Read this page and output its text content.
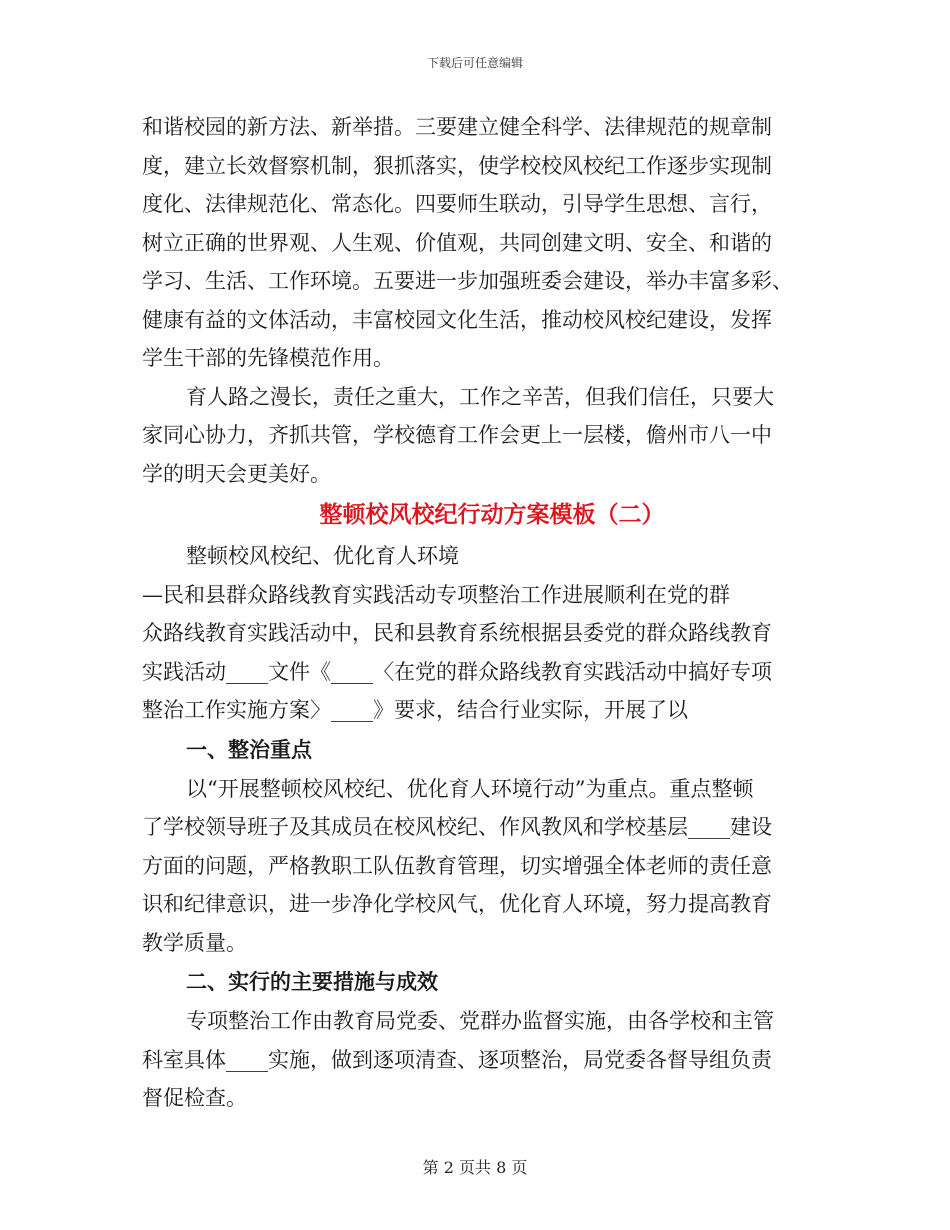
下载后可任意编辑
和谐校园的新方法、新举措。三要建立健全科学、法律规范的规章制
度，建立长效督察机制，狠抓落实，使学校校风校纪工作逐步实现制
度化、法律规范化、常态化。四要师生联动，引导学生思想、言行，
树立正确的世界观、人生观、价值观，共同创建文明、安全、和谐的
学习、生活、工作环境。五要进一步加强班委会建设，举办丰富多彩、
健康有益的文体活动，丰富校园文化生活，推动校风校纪建设，发挥
学生干部的先锋模范作用。
育人路之漫长，责任之重大，工作之辛苦，但我们信任，只要大
家同心协力，齐抓共管，学校德育工作会更上一层楼，儋州市八一中
学的明天会更美好。
整顿校风校纪行动方案模板（二）
整顿校风校纪、优化育人环境
—民和县群众路线教育实践活动专项整治工作进展顺利在党的群
众路线教育实践活动中，民和县教育系统根据县委党的群众路线教育
实践活动____文件《____〈在党的群众路线教育实践活动中搞好专项
整治工作实施方案〉____》要求，结合行业实际，开展了以
一、整治重点
以“开展整顿校风校纪、优化育人环境行动”为重点。重点整顿
了学校领导班子及其成员在校风校纪、作风教风和学校基层____建设
方面的问题，严格教职工队伍教育管理，切实增强全体老师的责任意
识和纪律意识，进一步净化学校风气，优化育人环境，努力提高教育
教学质量。
二、实行的主要措施与成效
专项整治工作由教育局党委、党群办监督实施，由各学校和主管
科室具体____实施，做到逐项清查、逐项整治，局党委各督导组负责
督促检查。
第 2 页共 8 页
